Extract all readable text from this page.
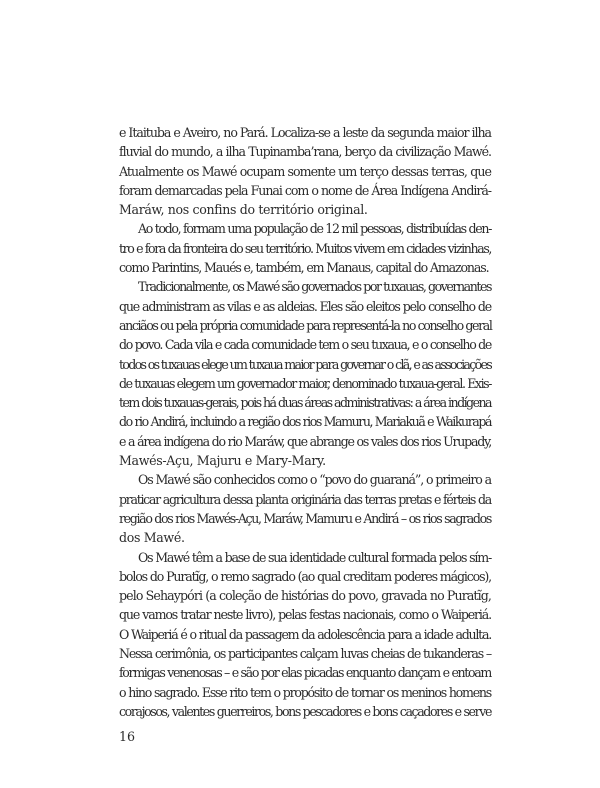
e Itaituba e Aveiro, no Pará. Localiza-se a leste da segunda maior ilha
fluvial do mundo, a ilha Tupinamba’rana, berço da civilização Mawé.
Atualmente os Mawé ocupam somente um terço dessas terras, que
foram demarcadas pela Funai com o nome de Área Indígena Andirá-
Maráw, nos confins do território original.
Ao todo, formam uma população de 12 mil pessoas, distribuídas den-
tro e fora da fronteira do seu território. Muitos vivem em cidades vizinhas,
como Parintins, Maués e, também, em Manaus, capital do Amazonas.
Tradicionalmente, os Mawé são governados por tuxauas, governantes
que administram as vilas e as aldeias. Eles são eleitos pelo conselho de
anciãos ou pela própria comunidade para representá-la no conselho geral
do povo. Cada vila e cada comunidade tem o seu tuxaua, e o conselho de
todos os tuxauas elege um tuxaua maior para governar o clã, e as associações
de tuxauas elegem um governador maior, denominado tuxaua-geral. Exis-
tem dois tuxauas-gerais, pois há duas áreas administrativas: a área indígena
do rio Andirá, incluindo a região dos rios Mamuru, Mariakuã e Waikurapá
e a área indígena do rio Maráw, que abrange os vales dos rios Urupady,
Mawés-Açu, Majuru e Mary-Mary.
Os Mawé são conhecidos como o “povo do guaraná”, o primeiro a
praticar agricultura dessa planta originária das terras pretas e férteis da
região dos rios Mawés-Açu, Maráw, Mamuru e Andirá – os rios sagrados
dos Mawé.
Os Mawé têm a base de sua identidade cultural formada pelos sím-
bolos do Puratĩg, o remo sagrado (ao qual creditam poderes mágicos),
pelo Sehaypóri (a coleção de histórias do povo, gravada no Puratĩg,
que vamos tratar neste livro), pelas festas nacionais, como o Waiperiá.
O Waiperiá é o ritual da passagem da adolescência para a idade adulta.
Nessa cerimônia, os participantes calçam luvas cheias de tukanderas –
formigas venenosas – e são por elas picadas enquanto dançam e entoam
o hino sagrado. Esse rito tem o propósito de tornar os meninos homens
corajosos, valentes guerreiros, bons pescadores e bons caçadores e serve
16
